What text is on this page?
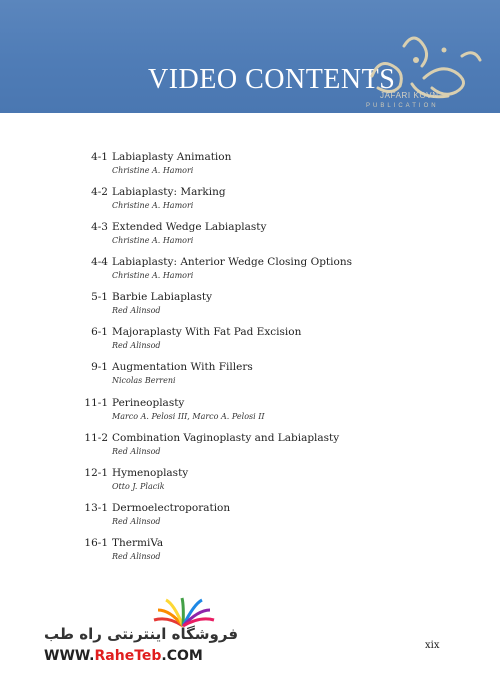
VIDEO CONTENTS
JAFARI KOVN
PUBLICATION
4-1 Labiaplasty Animation
Christine A. Hamori
4-2 Labiaplasty: Marking
Christine A. Hamori
4-3 Extended Wedge Labiaplasty
Christine A. Hamori
4-4 Labiaplasty: Anterior Wedge Closing Options
Christine A. Hamori
5-1 Barbie Labiaplasty
Red Alinsod
6-1 Majoraplasty With Fat Pad Excision
Red Alinsod
9-1 Augmentation With Fillers
Nicolas Berreni
11-1 Perineoplasty
Marco A. Pelosi III, Marco A. Pelosi II
11-2 Combination Vaginoplasty and Labiaplasty
Red Alinsod
12-1 Hymenoplasty
Otto J. Placik
13-1 Dermoelectroporation
Red Alinsod
16-1 ThermiVa
Red Alinsod
فروشگاه اینترنتی راه طب
WWW.RaheTeb.COM
xix
